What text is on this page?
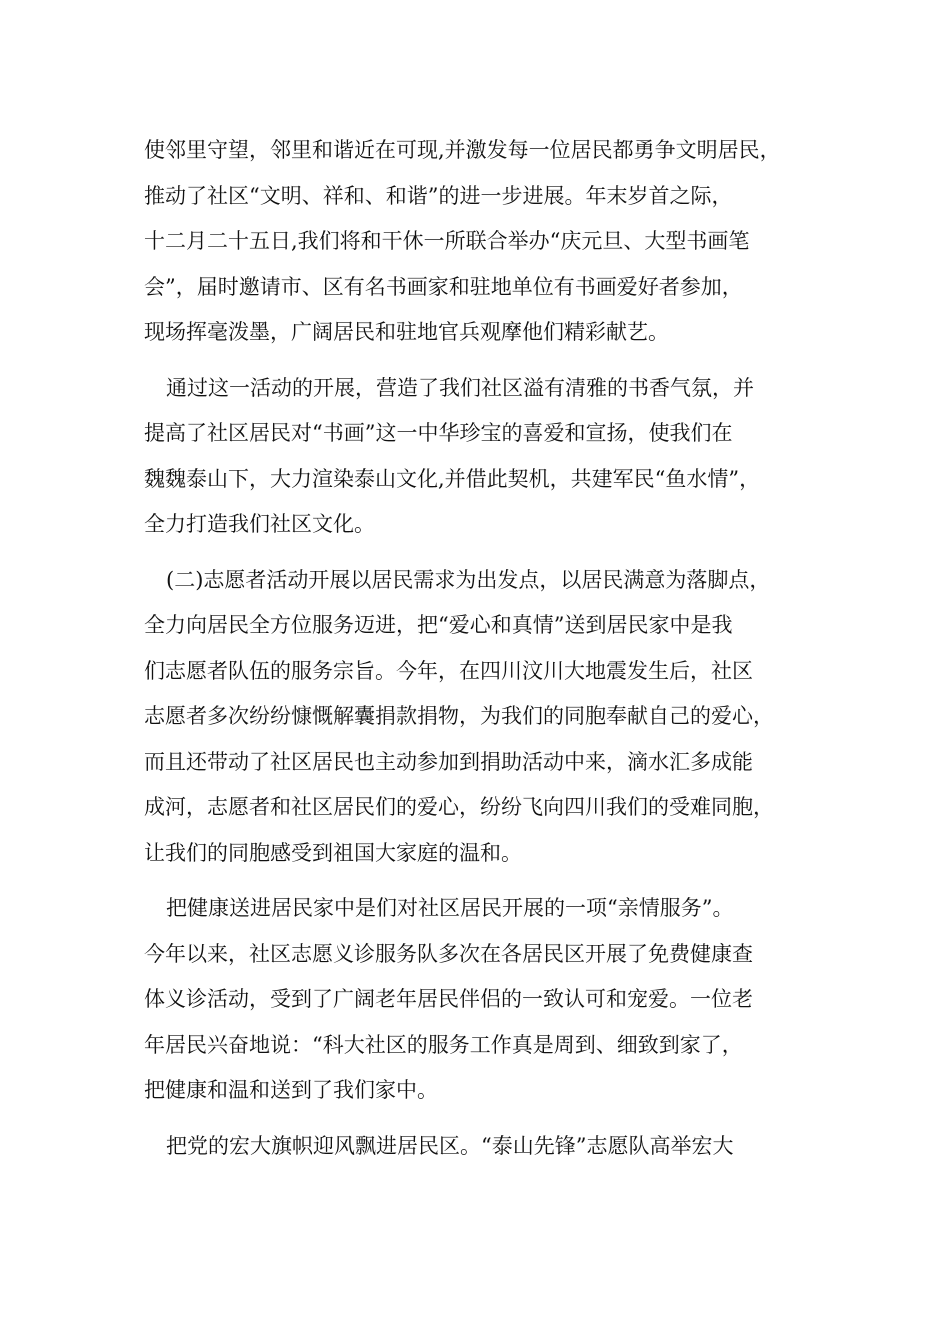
使邻里守望，邻里和谐近在可现,并激发每一位居民都勇争文明居民，
推动了社区“文明、祥和、和谐”的进一步进展。年末岁首之际，
十二月二十五日,我们将和干休一所联合举办“庆元旦、大型书画笔
会”，届时邀请市、区有名书画家和驻地单位有书画爱好者参加，
现场挥毫泼墨，广阔居民和驻地官兵观摩他们精彩献艺。
通过这一活动的开展，营造了我们社区溢有清雅的书香气氛，并
提高了社区居民对“书画”这一中华珍宝的喜爱和宣扬，使我们在
魏魏泰山下，大力渲染泰山文化,并借此契机，共建军民“鱼水情”，
全力打造我们社区文化。
(二)志愿者活动开展以居民需求为出发点，以居民满意为落脚点，
全力向居民全方位服务迈进，把“爱心和真情”送到居民家中是我
们志愿者队伍的服务宗旨。今年，在四川汶川大地震发生后，社区
志愿者多次纷纷慷慨解囊捐款捐物，为我们的同胞奉献自己的爱心，
而且还带动了社区居民也主动参加到捐助活动中来，滴水汇多成能
成河，志愿者和社区居民们的爱心，纷纷飞向四川我们的受难同胞，
让我们的同胞感受到祖国大家庭的温和。
把健康送进居民家中是们对社区居民开展的一项“亲情服务”。
今年以来，社区志愿义诊服务队多次在各居民区开展了免费健康查
体义诊活动，受到了广阔老年居民伴侣的一致认可和宠爱。一位老
年居民兴奋地说：“科大社区的服务工作真是周到、细致到家了，
把健康和温和送到了我们家中。
把党的宏大旗帜迎风飘进居民区。“泰山先锋”志愿队高举宏大
